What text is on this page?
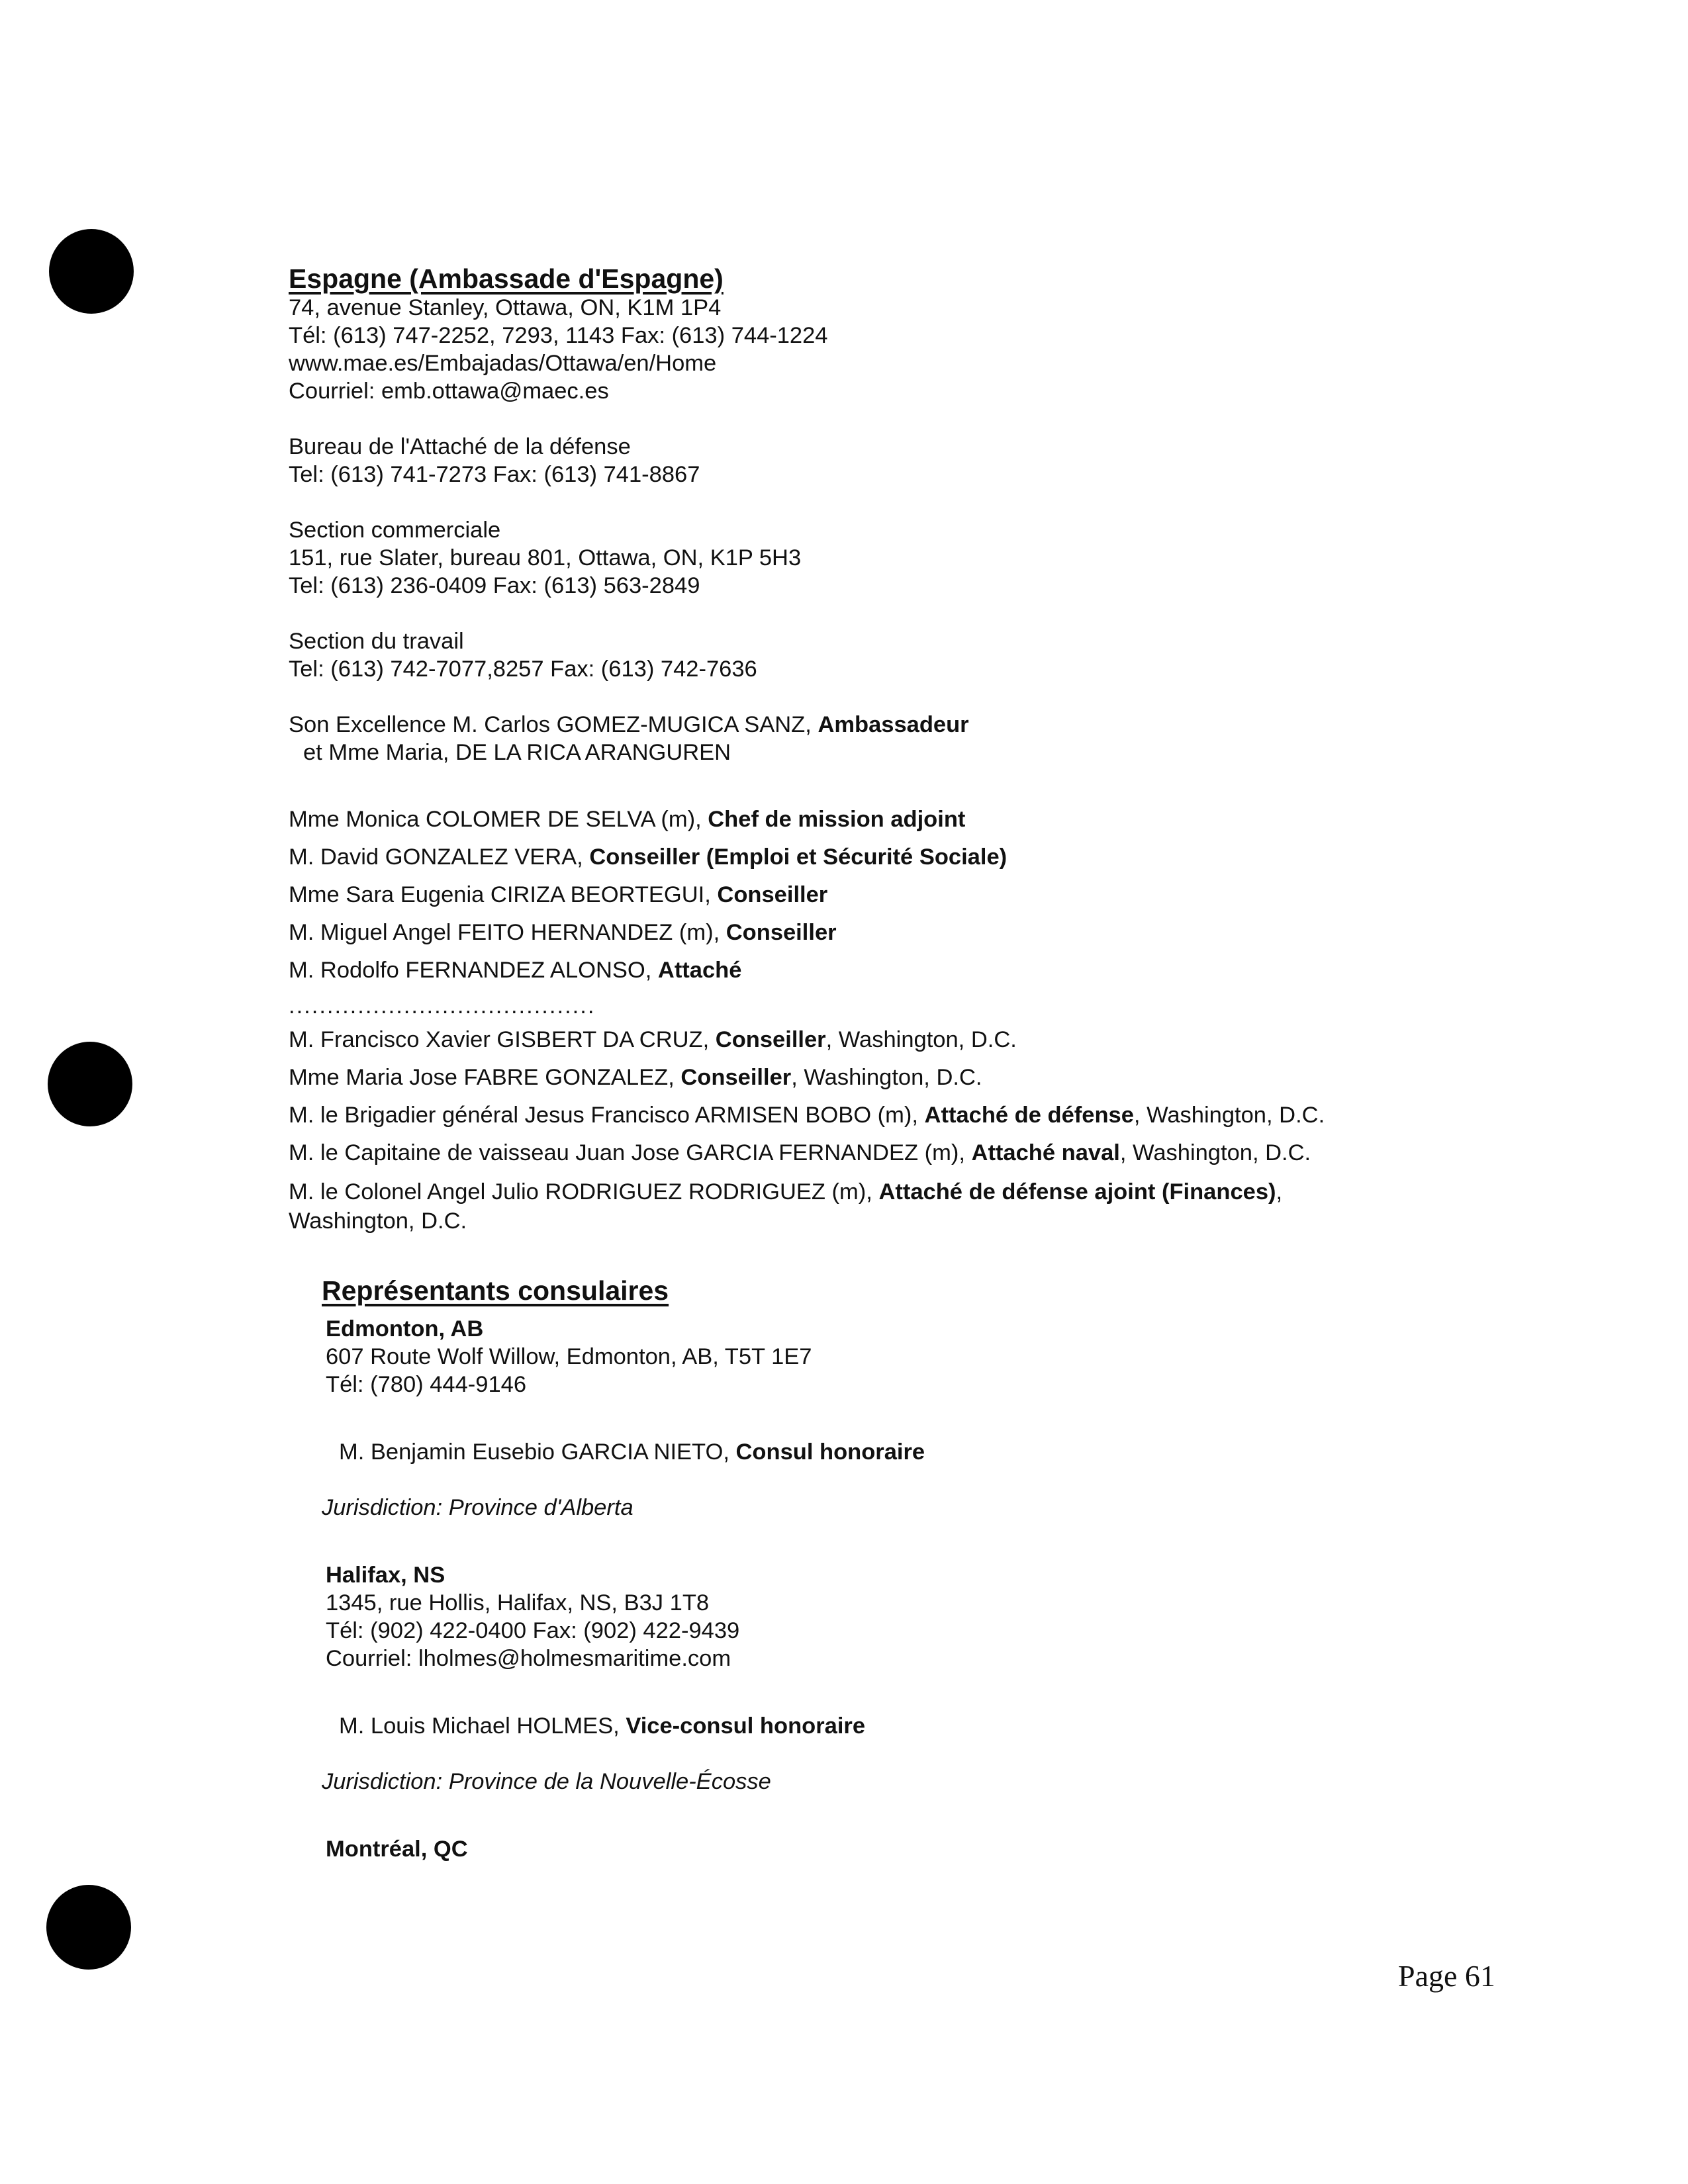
Espagne (Ambassade d'Espagne)
74, avenue Stanley, Ottawa, ON, K1M 1P4
Tél: (613) 747-2252, 7293, 1143 Fax: (613) 744-1224
www.mae.es/Embajadas/Ottawa/en/Home
Courriel: emb.ottawa@maec.es
Bureau de l'Attaché de la défense
Tel: (613) 741-7273 Fax: (613) 741-8867
Section commerciale
151, rue Slater, bureau 801, Ottawa, ON, K1P 5H3
Tel: (613) 236-0409 Fax: (613) 563-2849
Section du travail
Tel: (613) 742-7077,8257 Fax: (613) 742-7636
Son Excellence M. Carlos GOMEZ-MUGICA SANZ, Ambassadeur
et Mme Maria, DE LA RICA ARANGUREN
Mme Monica COLOMER DE SELVA (m), Chef de mission adjoint
M. David GONZALEZ VERA, Conseiller (Emploi et Sécurité Sociale)
Mme Sara Eugenia CIRIZA BEORTEGUI, Conseiller
M. Miguel Angel FEITO HERNANDEZ (m), Conseiller
M. Rodolfo FERNANDEZ ALONSO, Attaché
........................................
M. Francisco Xavier GISBERT DA CRUZ, Conseiller, Washington, D.C.
Mme Maria Jose FABRE GONZALEZ, Conseiller, Washington, D.C.
M. le Brigadier général Jesus Francisco ARMISEN BOBO (m), Attaché de défense, Washington, D.C.
M. le Capitaine de vaisseau Juan Jose GARCIA FERNANDEZ (m), Attaché naval, Washington, D.C.
M. le Colonel Angel Julio RODRIGUEZ RODRIGUEZ (m), Attaché de défense ajoint (Finances),
Washington, D.C.
Représentants consulaires
Edmonton, AB
607 Route Wolf Willow, Edmonton, AB, T5T 1E7
Tél: (780) 444-9146
M. Benjamin Eusebio GARCIA NIETO, Consul honoraire
Jurisdiction: Province d'Alberta
Halifax, NS
1345, rue Hollis, Halifax, NS, B3J 1T8
Tél: (902) 422-0400 Fax: (902) 422-9439
Courriel: lholmes@holmesmaritime.com
M. Louis Michael HOLMES, Vice-consul honoraire
Jurisdiction: Province de la Nouvelle-Écosse
Montréal, QC
Page 61
